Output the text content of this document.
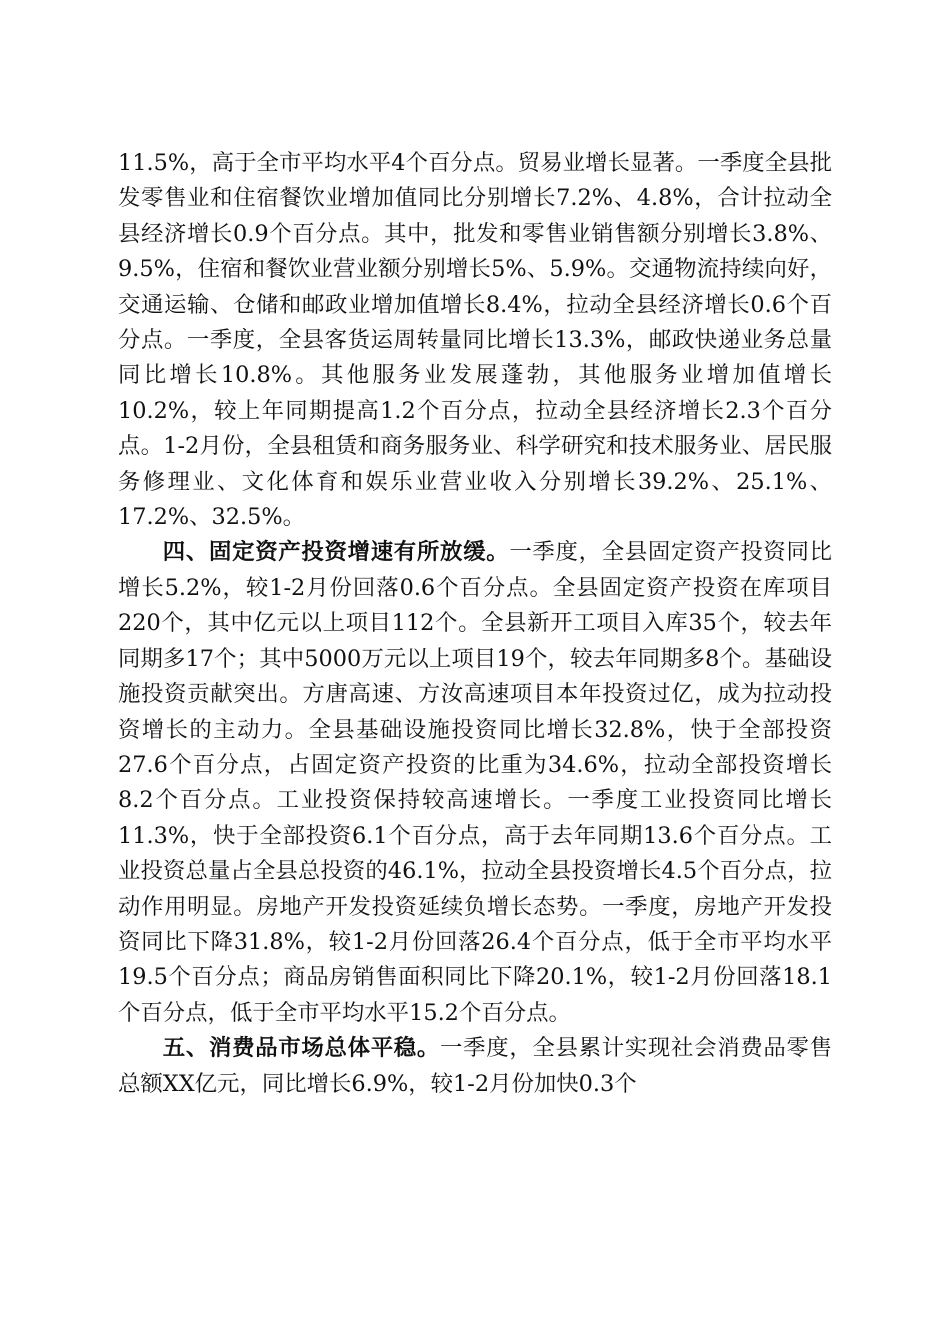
11.5%，高于全市平均水平4个百分点。贸易业增长显著。一季度全县批发零售业和住宿餐饮业增加值同比分别增长7.2%、4.8%，合计拉动全县经济增长0.9个百分点。其中，批发和零售业销售额分别增长3.8%、9.5%，住宿和餐饮业营业额分别增长5%、5.9%。交通物流持续向好，交通运输、仓储和邮政业增加值增长8.4%，拉动全县经济增长0.6个百分点。一季度，全县客货运周转量同比增长13.3%，邮政快递业务总量同比增长10.8%。其他服务业发展蓬勃，其他服务业增加值增长10.2%，较上年同期提高1.2个百分点，拉动全县经济增长2.3个百分点。1-2月份，全县租赁和商务服务业、科学研究和技术服务业、居民服务修理业、文化体育和娱乐业营业收入分别增长39.2%、25.1%、17.2%、32.5%。

四、固定资产投资增速有所放缓。一季度，全县固定资产投资同比增长5.2%，较1-2月份回落0.6个百分点。全县固定资产投资在库项目220个，其中亿元以上项目112个。全县新开工项目入库35个，较去年同期多17个；其中5000万元以上项目19个，较去年同期多8个。基础设施投资贡献突出。方唐高速、方汝高速项目本年投资过亿，成为拉动投资增长的主动力。全县基础设施投资同比增长32.8%，快于全部投资27.6个百分点，占固定资产投资的比重为34.6%，拉动全部投资增长8.2个百分点。工业投资保持较高速增长。一季度工业投资同比增长11.3%，快于全部投资6.1个百分点，高于去年同期13.6个百分点。工业投资总量占全县总投资的46.1%，拉动全县投资增长4.5个百分点，拉动作用明显。房地产开发投资延续负增长态势。一季度，房地产开发投资同比下降31.8%，较1-2月份回落26.4个百分点，低于全市平均水平19.5个百分点；商品房销售面积同比下降20.1%，较1-2月份回落18.1个百分点，低于全市平均水平15.2个百分点。

五、消费品市场总体平稳。一季度，全县累计实现社会消费品零售总额XX亿元，同比增长6.9%，较1-2月份加快0.3个
